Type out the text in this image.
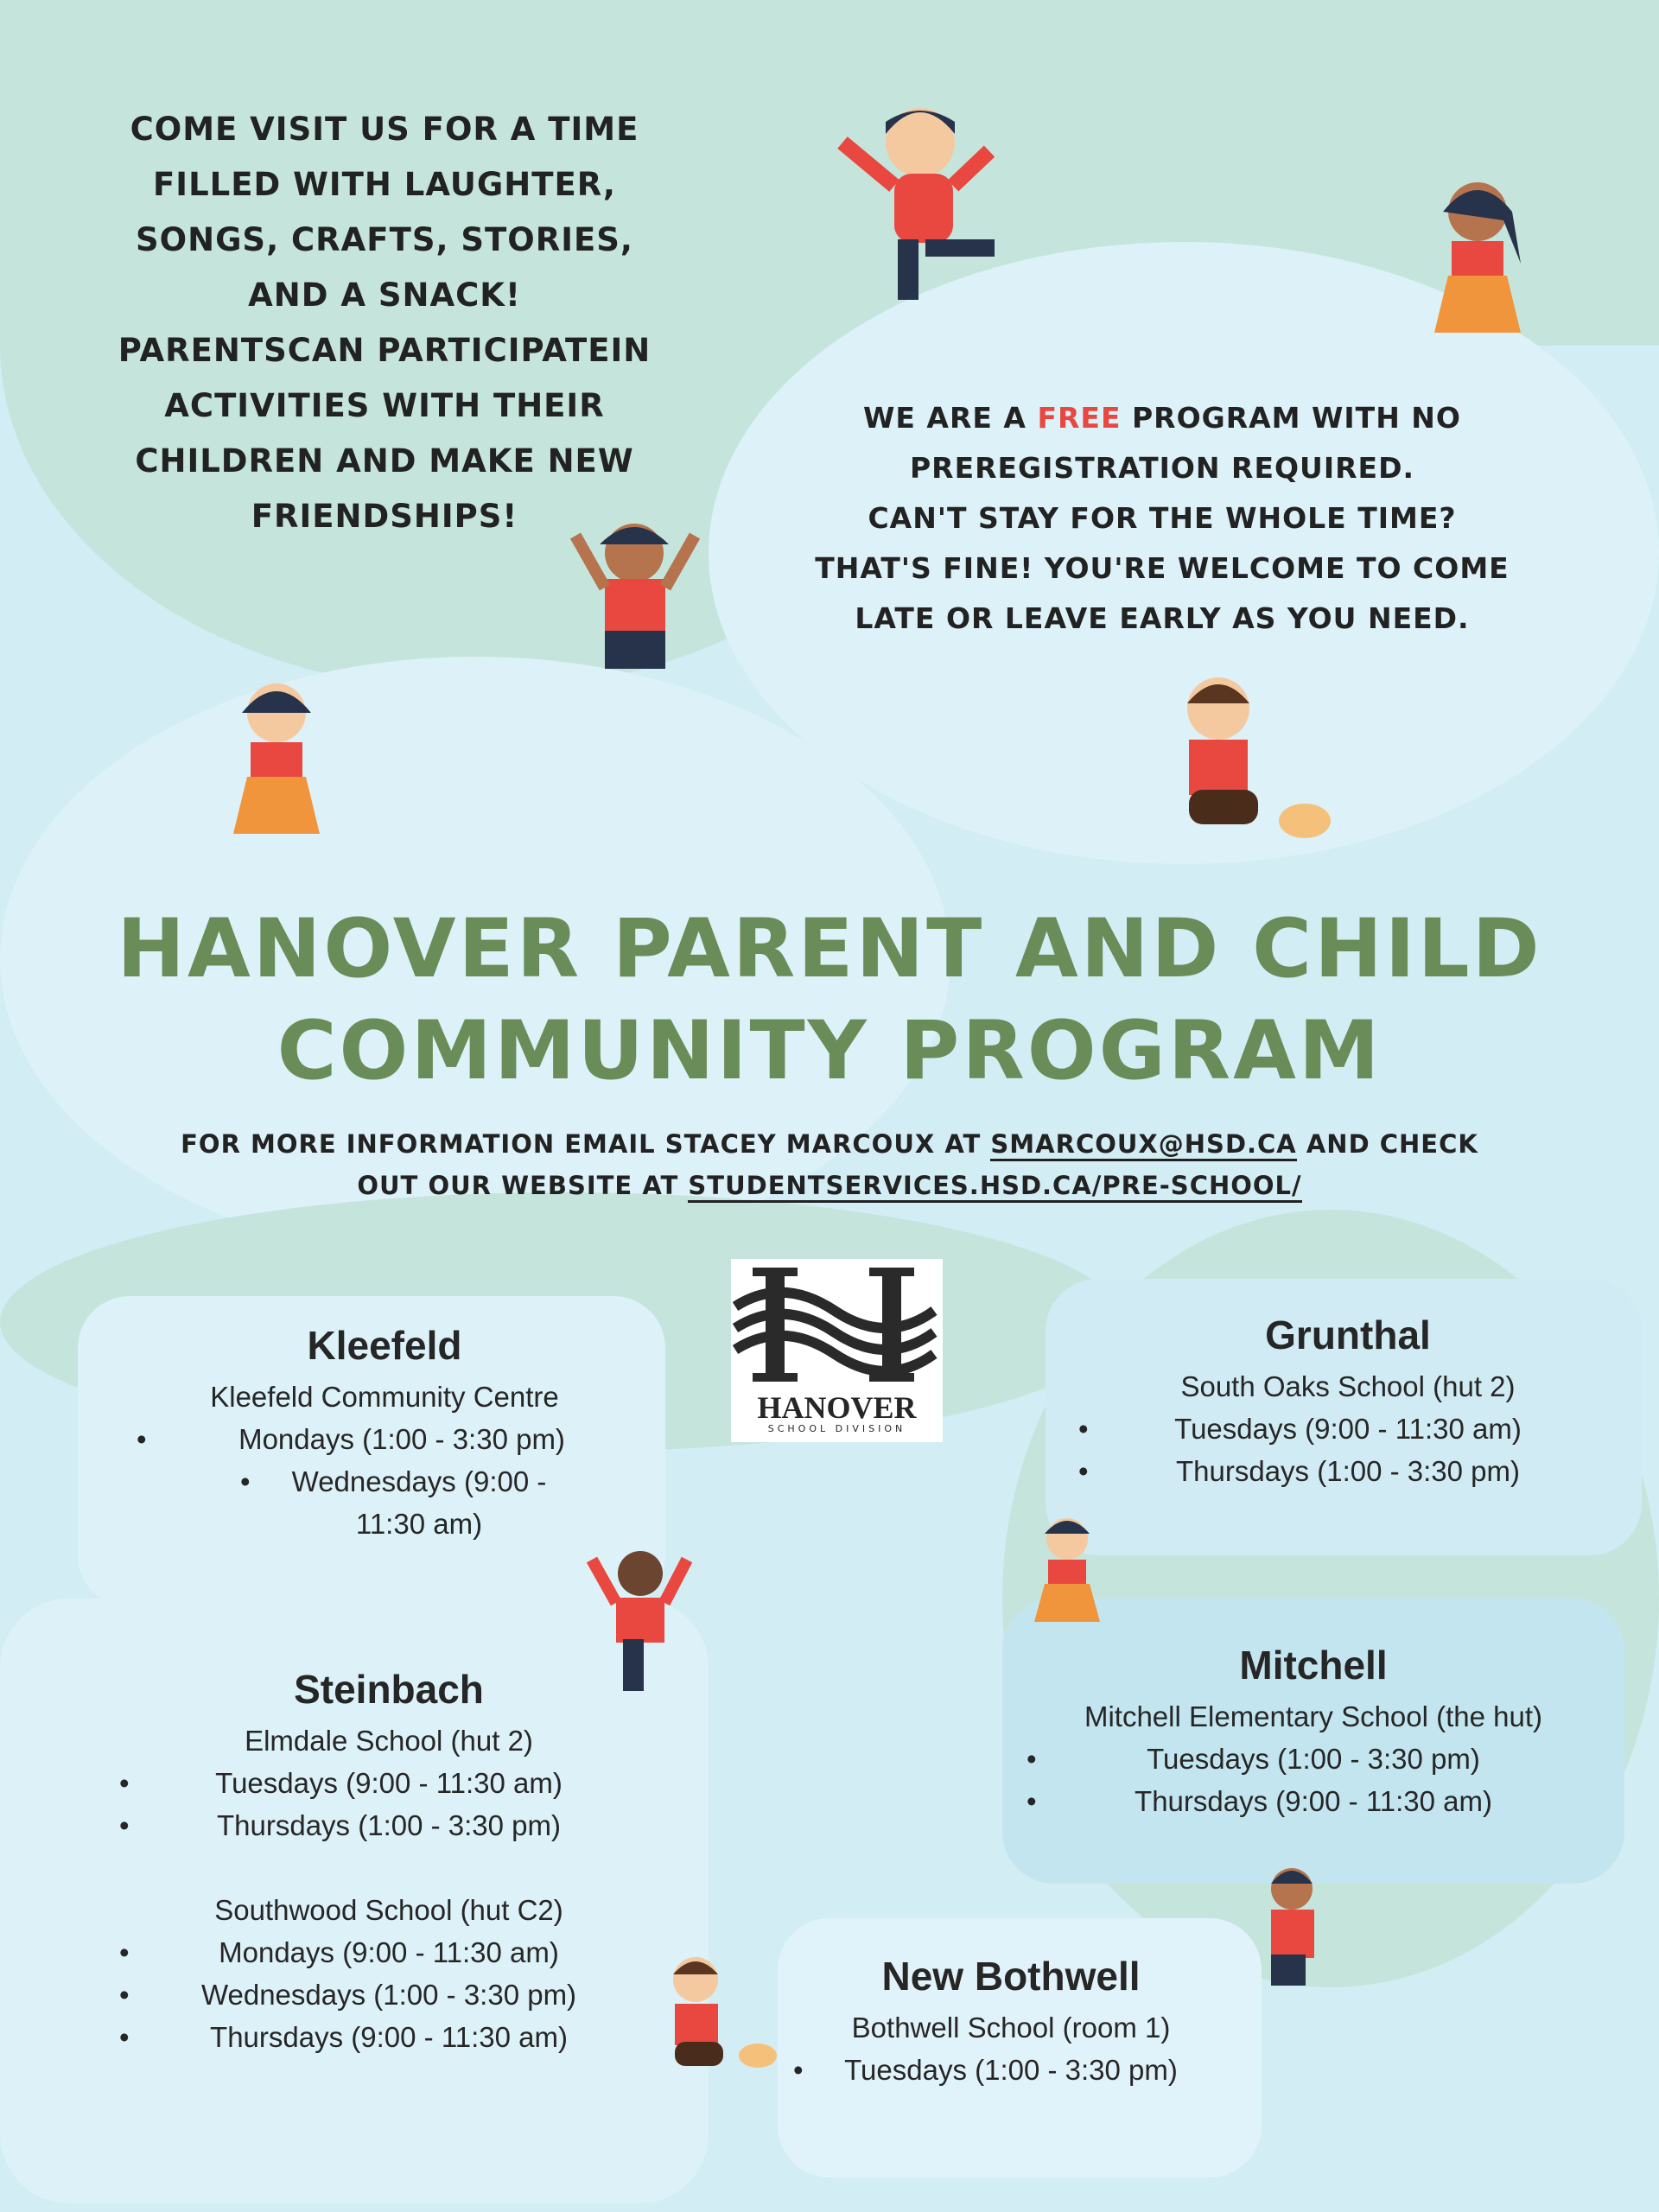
COME VISIT US FOR A TIME

FILLED WITH LAUGHTER,

SONGS, CRAFTS, STORIES,

AND A SNACK!

PARENTSCAN PARTICIPATEIN

ACTIVITIES WITH THEIR

CHILDREN AND MAKE NEW

FRIENDSHIPS!

WE ARE A FREE PROGRAM WITH NO

PREREGISTRATION REQUIRED.

CAN'T STAY FOR THE WHOLE TIME?

THAT'S FINE! YOU'RE WELCOME TO COME

LATE OR LEAVE EARLY AS YOU NEED.

HANOVER PARENT AND CHILD
COMMUNITY PROGRAM
FOR MORE INFORMATION EMAIL STACEY MARCOUX AT SMARCOUX@HSD.CA AND CHECK
OUT OUR WEBSITE AT STUDENTSERVICES.HSD.CA/PRE-SCHOOL/
HANOVER
SCHOOL DIVISION
Kleefeld
Kleefeld Community Centre
• Mondays (1:00 - 3:30 pm)
• Wednesdays (9:00 - 11:30 am)
Grunthal
South Oaks School (hut 2)
• Tuesdays (9:00 - 11:30 am)
• Thursdays (1:00 - 3:30 pm)
Steinbach
Elmdale School (hut 2)
• Tuesdays (9:00 - 11:30 am)
• Thursdays (1:00 - 3:30 pm)
Southwood School (hut C2)
• Mondays (9:00 - 11:30 am)
• Wednesdays (1:00 - 3:30 pm)
• Thursdays (9:00 - 11:30 am)
Mitchell
Mitchell Elementary School (the hut)
• Tuesdays (1:00 - 3:30 pm)
• Thursdays (9:00 - 11:30 am)
New Bothwell
Bothwell School (room 1)
• Tuesdays (1:00 - 3:30 pm)
